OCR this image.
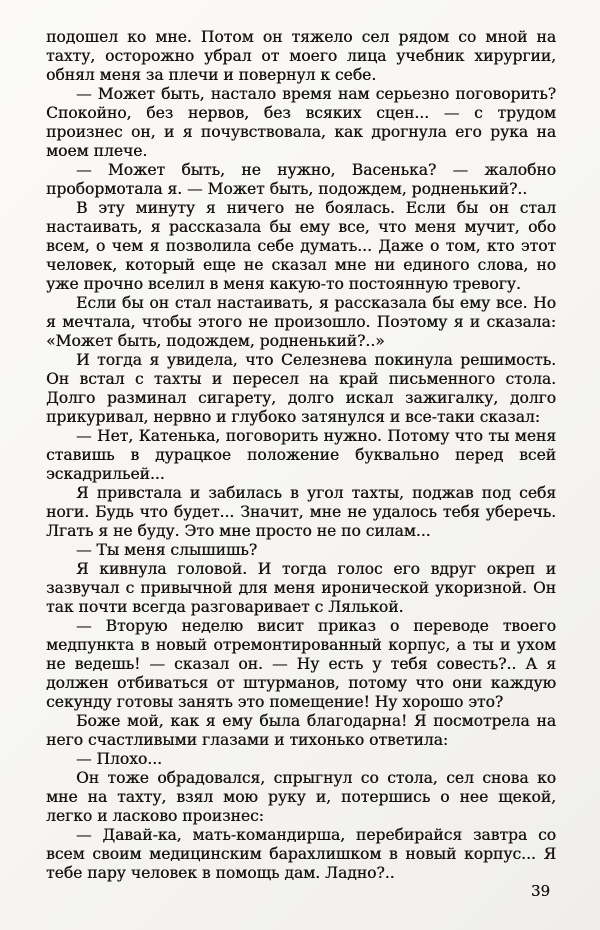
подошел ко мне. Потом он тяжело сел рядом со мной на тахту, осторожно убрал от моего лица учебник хирургии, обнял меня за плечи и повернул к себе.

— Может быть, настало время нам серьезно поговорить? Спокойно, без нервов, без всяких сцен... — с трудом произнес он, и я почувствовала, как дрогнула его рука на моем плече.

— Может быть, не нужно, Васенька? — жалобно пробормотала я. — Может быть, подождем, родненький?..

В эту минуту я ничего не боялась. Если бы он стал настаивать, я рассказала бы ему все, что меня мучит, обо всем, о чем я позволила себе думать... Даже о том, кто этот человек, который еще не сказал мне ни единого слова, но уже прочно вселил в меня какую-то постоянную тревогу.

Если бы он стал настаивать, я рассказала бы ему все. Но я мечтала, чтобы этого не произошло. Поэтому я и сказала: «Может быть, подождем, родненький?..»

И тогда я увидела, что Селезнева покинула решимость. Он встал с тахты и пересел на край письменного стола. Долго разминал сигарету, долго искал зажигалку, долго прикуривал, нервно и глубоко затянулся и все-таки сказал:

— Нет, Катенька, поговорить нужно. Потому что ты меня ставишь в дурацкое положение буквально перед всей эскадрильей...

Я привстала и забилась в угол тахты, поджав под себя ноги. Будь что будет... Значит, мне не удалось тебя уберечь. Лгать я не буду. Это мне просто не по силам...

— Ты меня слышишь?

Я кивнула головой. И тогда голос его вдруг окреп и зазвучал с привычной для меня иронической укоризной. Он так почти всегда разговаривает с Лялькой.

— Вторую неделю висит приказ о переводе твоего медпункта в новый отремонтированный корпус, а ты и ухом не ведешь! — сказал он. — Ну есть у тебя совесть?.. А я должен отбиваться от штурманов, потому что они каждую секунду готовы занять это помещение! Ну хорошо это?

Боже мой, как я ему была благодарна! Я посмотрела на него счастливыми глазами и тихонько ответила:

— Плохо...

Он тоже обрадовался, спрыгнул со стола, сел снова ко мне на тахту, взял мою руку и, потершись о нее щекой, легко и ласково произнес:

— Давай-ка, мать-командирша, перебирайся завтра со всем своим медицинским барахлишком в новый корпус... Я тебе пару человек в помощь дам. Ладно?..

39
